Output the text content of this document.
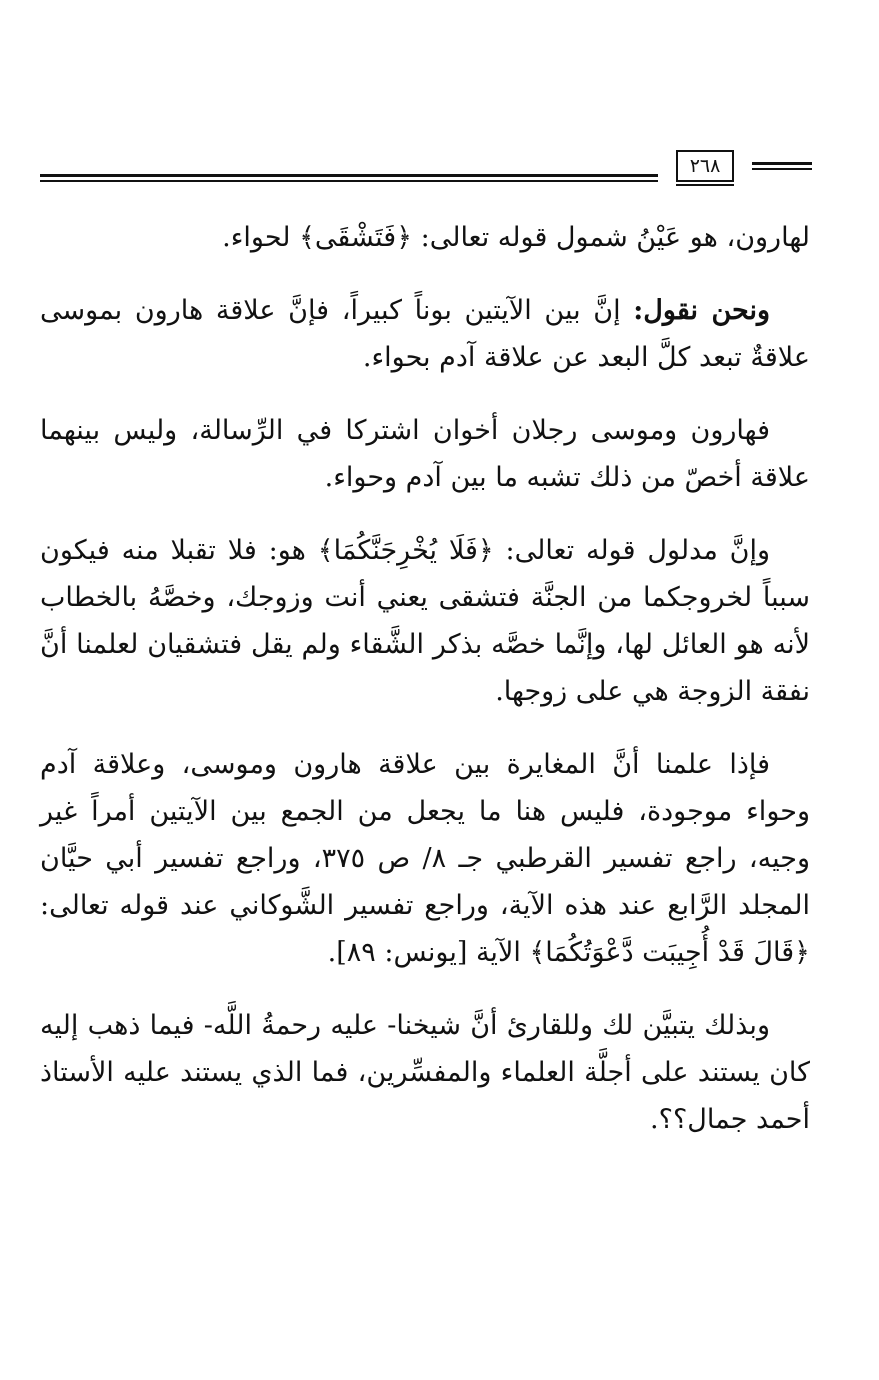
٢٦٨

لهارون، هو عَيْنُ شمول قوله تعالى: ﴿فَتَشْقَى﴾ لحواء.

ونحن نقول: إنَّ بين الآيتين بوناً كبيراً، فإنَّ علاقة هارون بموسى علاقةٌ تبعد كلَّ البعد عن علاقة آدم بحواء.

فهارون وموسى رجلان أخوان اشتركا في الرِّسالة، وليس بينهما علاقة أخصّ من ذلك تشبه ما بين آدم وحواء.

وإنَّ مدلول قوله تعالى: ﴿فَلَا يُخْرِجَنَّكُمَا﴾ هو: فلا تقبلا منه فيكون سبباً لخروجكما من الجنَّة فتشقى يعني أنت وزوجك، وخصَّهُ بالخطاب لأنه هو العائل لها، وإنَّما خصَّه بذكر الشَّقاء ولم يقل فتشقيان لعلمنا أنَّ نفقة الزوجة هي على زوجها.

فإذا علمنا أنَّ المغايرة بين علاقة هارون وموسى، وعلاقة آدم وحواء موجودة، فليس هنا ما يجعل من الجمع بين الآيتين أمراً غير وجيه، راجع تفسير القرطبي جـ ٨/ ص ٣٧٥، وراجع تفسير أبي حيَّان المجلد الرَّابع عند هذه الآية، وراجع تفسير الشَّوكاني عند قوله تعالى: ﴿قَالَ قَدْ أُجِيبَت دَّعْوَتُكُمَا﴾ الآية [يونس: ٨٩].

وبذلك يتبيَّن لك وللقارئ أنَّ شيخنا- عليه رحمةُ اللَّه- فيما ذهب إليه كان يستند على أجلَّة العلماء والمفسِّرين، فما الذي يستند عليه الأستاذ أحمد جمال؟؟.
